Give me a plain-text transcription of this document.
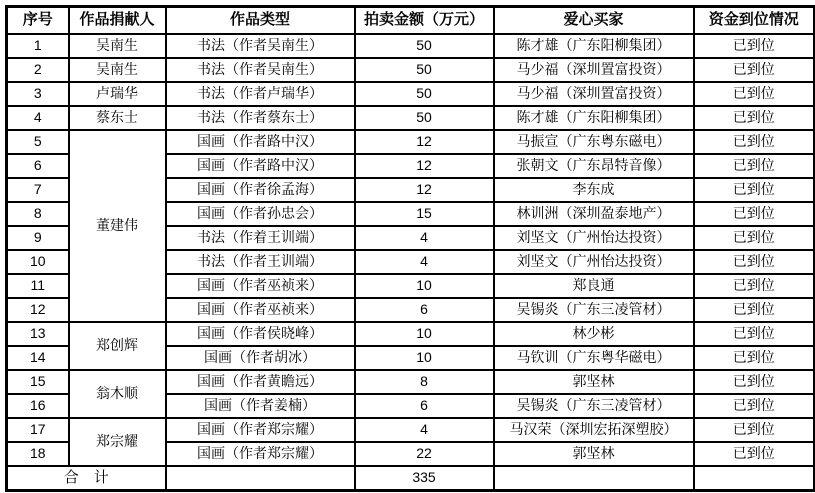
序号	作品捐献人	作品类型	拍卖金额（万元）	爱心买家	资金到位情况
1	吴南生	书法（作者吴南生）	50	陈才雄（广东阳柳集团）	已到位
2	吴南生	书法（作者吴南生）	50	马少福（深圳置富投资）	已到位
3	卢瑞华	书法（作者卢瑞华）	50	马少福（深圳置富投资）	已到位
4	蔡东士	书法（作者蔡东士）	50	陈才雄（广东阳柳集团）	已到位
5	董建伟	国画（作者路中汉）	12	马振宣（广东粤东磁电）	已到位
6		国画（作者路中汉）	12	张朝文（广东昂特音像）	已到位
7		国画（作者徐孟海）	12	李东成	已到位
8		国画（作者孙忠会）	15	林训洲（深圳盈泰地产）	已到位
9		书法（作着王训端）	4	刘坚文（广州怡达投资）	已到位
10		书法（作者王训端）	4	刘坚文（广州怡达投资）	已到位
11		国画（作者巫祯来）	10	郑良通	已到位
12		国画（作者巫祯来）	6	吴锡炎（广东三凌管材）	已到位
13	郑创辉	国画（作者侯晓峰）	10	林少彬	已到位
14		国画（作者胡冰）	10	马钦训（广东粤华磁电）	已到位
15	翁木顺	国画（作者黄瞻远）	8	郭坚林	已到位
16		国画（作者姜楠）	6	吴锡炎（广东三凌管材）	已到位
17	郑宗耀	国画（作者郑宗耀）	4	马汉荣（深圳宏拓深塑胶）	已到位
18		国画（作者郑宗耀）	22	郭坚林	已到位
合　计			335		
